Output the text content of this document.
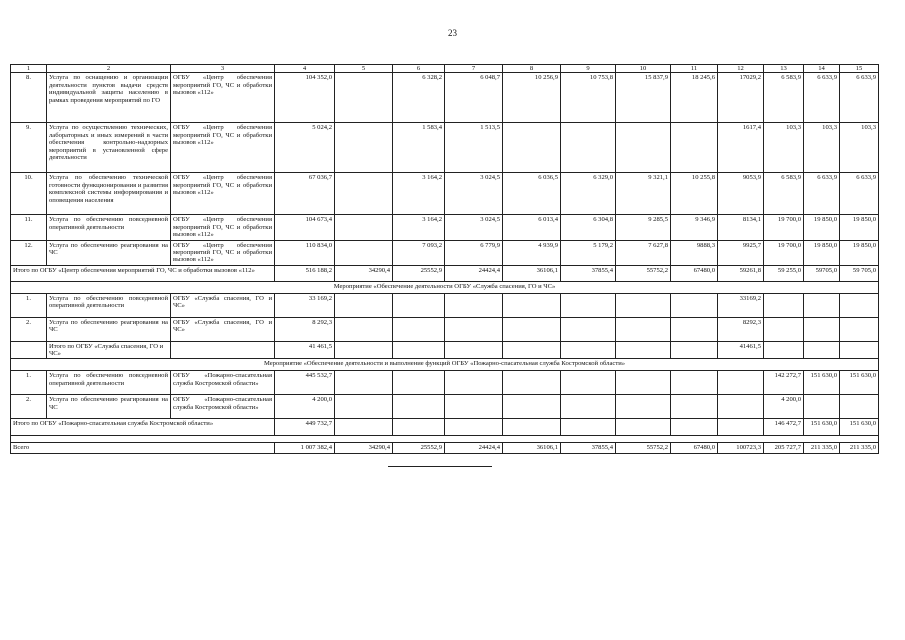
23
1	2	3	4	5	6	7	8	9	10	11	12	13	14	15
8.	Услуга по оснащению и организации деятельности пунктов выдачи средств индивидуальной защиты населению в рамках проведения мероприятий по ГО	ОГБУ «Центр обеспечения мероприятий ГО, ЧС и обработки вызовов «112»	104 352,0		6 328,2	6 048,7	10 256,9	10 753,8	15 837,9	18 245,6	17029,2	6 583,9	6 633,9	6 633,9
9.	Услуга по осуществлению технических, лабораторных и иных измерений в части обеспечения контрольно-надзорных мероприятий в установленной сфере деятельности	ОГБУ «Центр обеспечения мероприятий ГО, ЧС и обработки вызовов «112»	5 024,2		1 583,4	1 513,5					1617,4	103,3	103,3	103,3
10.	Услуга по обеспечению технической готовности функционирования и развития комплексной системы информирования и оповещения населения	ОГБУ «Центр обеспечения мероприятий ГО, ЧС и обработки вызовов «112»	67 036,7		3 164,2	3 024,5	6 036,5	6 329,0	9 321,1	10 255,8	9053,9	6 583,9	6 633,9	6 633,9
11.	Услуга по обеспечению повседневной оперативной деятельности	ОГБУ «Центр обеспечения мероприятий ГО, ЧС и обработки вызовов «112»	104 673,4		3 164,2	3 024,5	6 013,4	6 304,8	9 285,5	9 346,9	8134,1	19 700,0	19 850,0	19 850,0
12.	Услуга по обеспечению реагирования на ЧС	ОГБУ «Центр обеспечения мероприятий ГО, ЧС и обработки вызовов «112»	110 834,0		7 093,2	6 779,9	4 939,9	5 179,2	7 627,8	9888,3	9925,7	19 700,0	19 850,0	19 850,0
Итого по ОГБУ «Центр обеспечения мероприятий ГО, ЧС и обработки вызовов «112»			516 188,2	34290,4	25552,9	24424,4	36106,1	37855,4	55752,2	67480,0	59261,8	59 255,0	59705,0	59 705,0
Мероприятие «Обеспечение деятельности ОГБУ «Служба спасения, ГО и ЧС»														
1.	Услуга по обеспечению повседневной оперативной деятельности	ОГБУ «Служба спасения, ГО и ЧС»	33 169,2								33169,2			
2.	Услуга по обеспечению реагирования на ЧС	ОГБУ «Служба спасения, ГО и ЧС»	8 292,3								8292,3			
	Итого по ОГБУ «Служба спасения, ГО и ЧС»		41 461,5								41461,5			
Мероприятие «Обеспечение деятельности и выполнение функций ОГБУ «Пожарно-спасательная служба Костромской области»														
1.	Услуга по обеспечению повседневной оперативной деятельности	ОГБУ «Пожарно-спасательная служба Костромской области»	445 532,7									142 272,7	151 630,0	151 630,0
2.	Услуга по обеспечению реагирования на ЧС	ОГБУ «Пожарно-спасательная служба Костромской области»	4 200,0									4 200,0		
Итого по ОГБУ «Пожарно-спасательная служба Костромской области»			449 732,7									146 472,7	151 630,0	151 630,0

Всего			1 007 382,4	34290,4	25552,9	24424,4	36106,1	37855,4	55752,2	67480,0	100723,3	205 727,7	211 335,0	211 335,0
